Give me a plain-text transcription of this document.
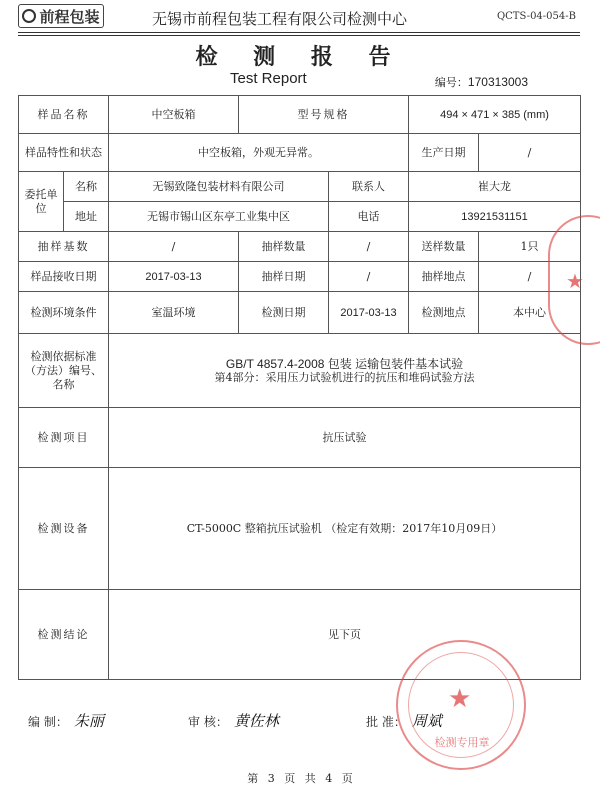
前程包装	无锡市前程包装工程有限公司检测中心	QCTS-04-054-B
检 测 报 告
Test Report	编号：170313003
样品名称		中空板箱	型号规格		494 × 471 × 385 (mm)	
样品特性和状态		中空板箱，外观无异常。			生产日期	/
委托单位	名称	无锡致隆包装材料有限公司		联系人	崔大龙	
	地址	无锡市锡山区东亭工业集中区		电话	13921531151	
抽样基数		/	抽样数量	/	送样数量	1只
样品接收日期		2017-03-13	抽样日期	/	抽样地点	/
检测环境条件		室温环境	检测日期	2017-03-13	检测地点	本中心
检测依据标准（方法）编号、名称		GB/T 4857.4-2008 包装 运输包装件基本试验
第4部分：采用压力试验机进行的抗压和堆码试验方法				

检测项目		抗压试验				
检测设备		CT-5000C 整箱抗压试验机 （检定有效期：2017年10月09日）				
检测结论		见下页				
编 制： 朱丽	审 核： 黄佐林	批 准： 周斌
★
检测专用章
★
第 3 页 共 4 页
